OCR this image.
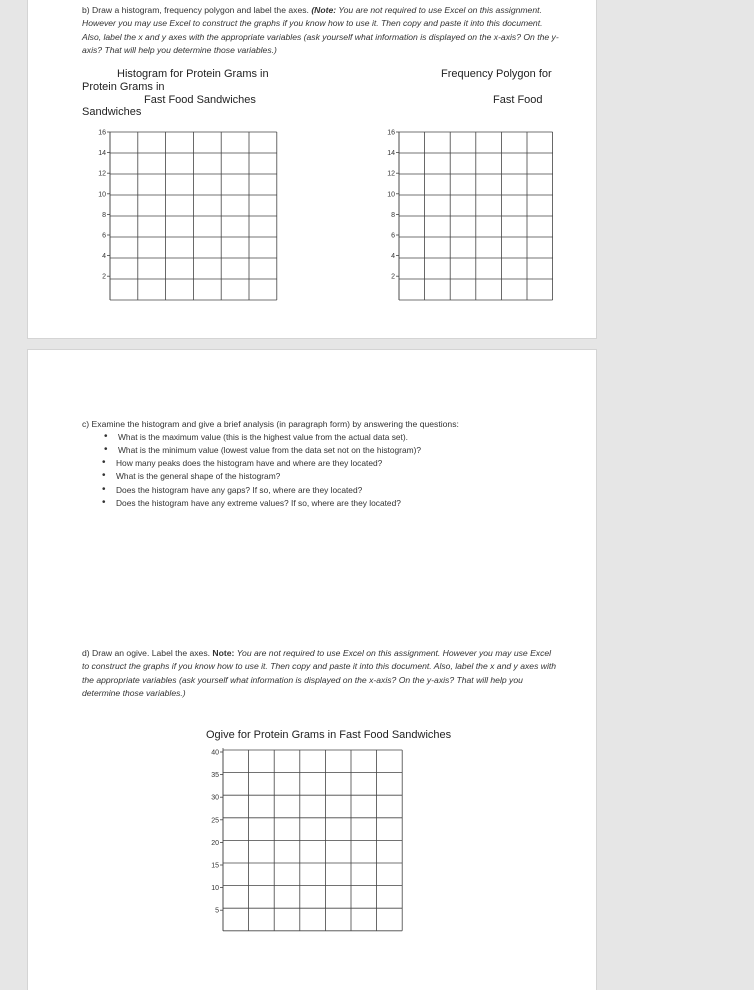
b) Draw a histogram, frequency polygon and label the axes. (Note: You are not required to use Excel on this assignment. However you may use Excel to construct the graphs if you know how to use it. Then copy and paste it into this document. Also, label the x and y axes with the appropriate variables (ask yourself what information is displayed on the x-axis? On the y-axis? That will help you determine those variables.)
Histogram for Protein Grams in
Protein Grams in
Fast Food Sandwiches
Sandwiches
Frequency Polygon for
Fast Food
16
14
12
10
8
6
4
2
16
14
12
10
8
6
4
2
c) Examine the histogram and give a brief analysis (in paragraph form) by answering the questions:
• What is the maximum value (this is the highest value from the actual data set).
• What is the minimum value (lowest value from the data set not on the histogram)?
• How many peaks does the histogram have and where are they located?
• What is the general shape of the histogram?
• Does the histogram have any gaps? If so, where are they located?
• Does the histogram have any extreme values? If so, where are they located?
d) Draw an ogive. Label the axes. Note: You are not required to use Excel on this assignment. However you may use Excel to construct the graphs if you know how to use it. Then copy and paste it into this document. Also, label the x and y axes with the appropriate variables (ask yourself what information is displayed on the x-axis? On the y-axis? That will help you determine those variables.)
Ogive for Protein Grams in Fast Food Sandwiches
40
35
30
25
20
15
10
5
